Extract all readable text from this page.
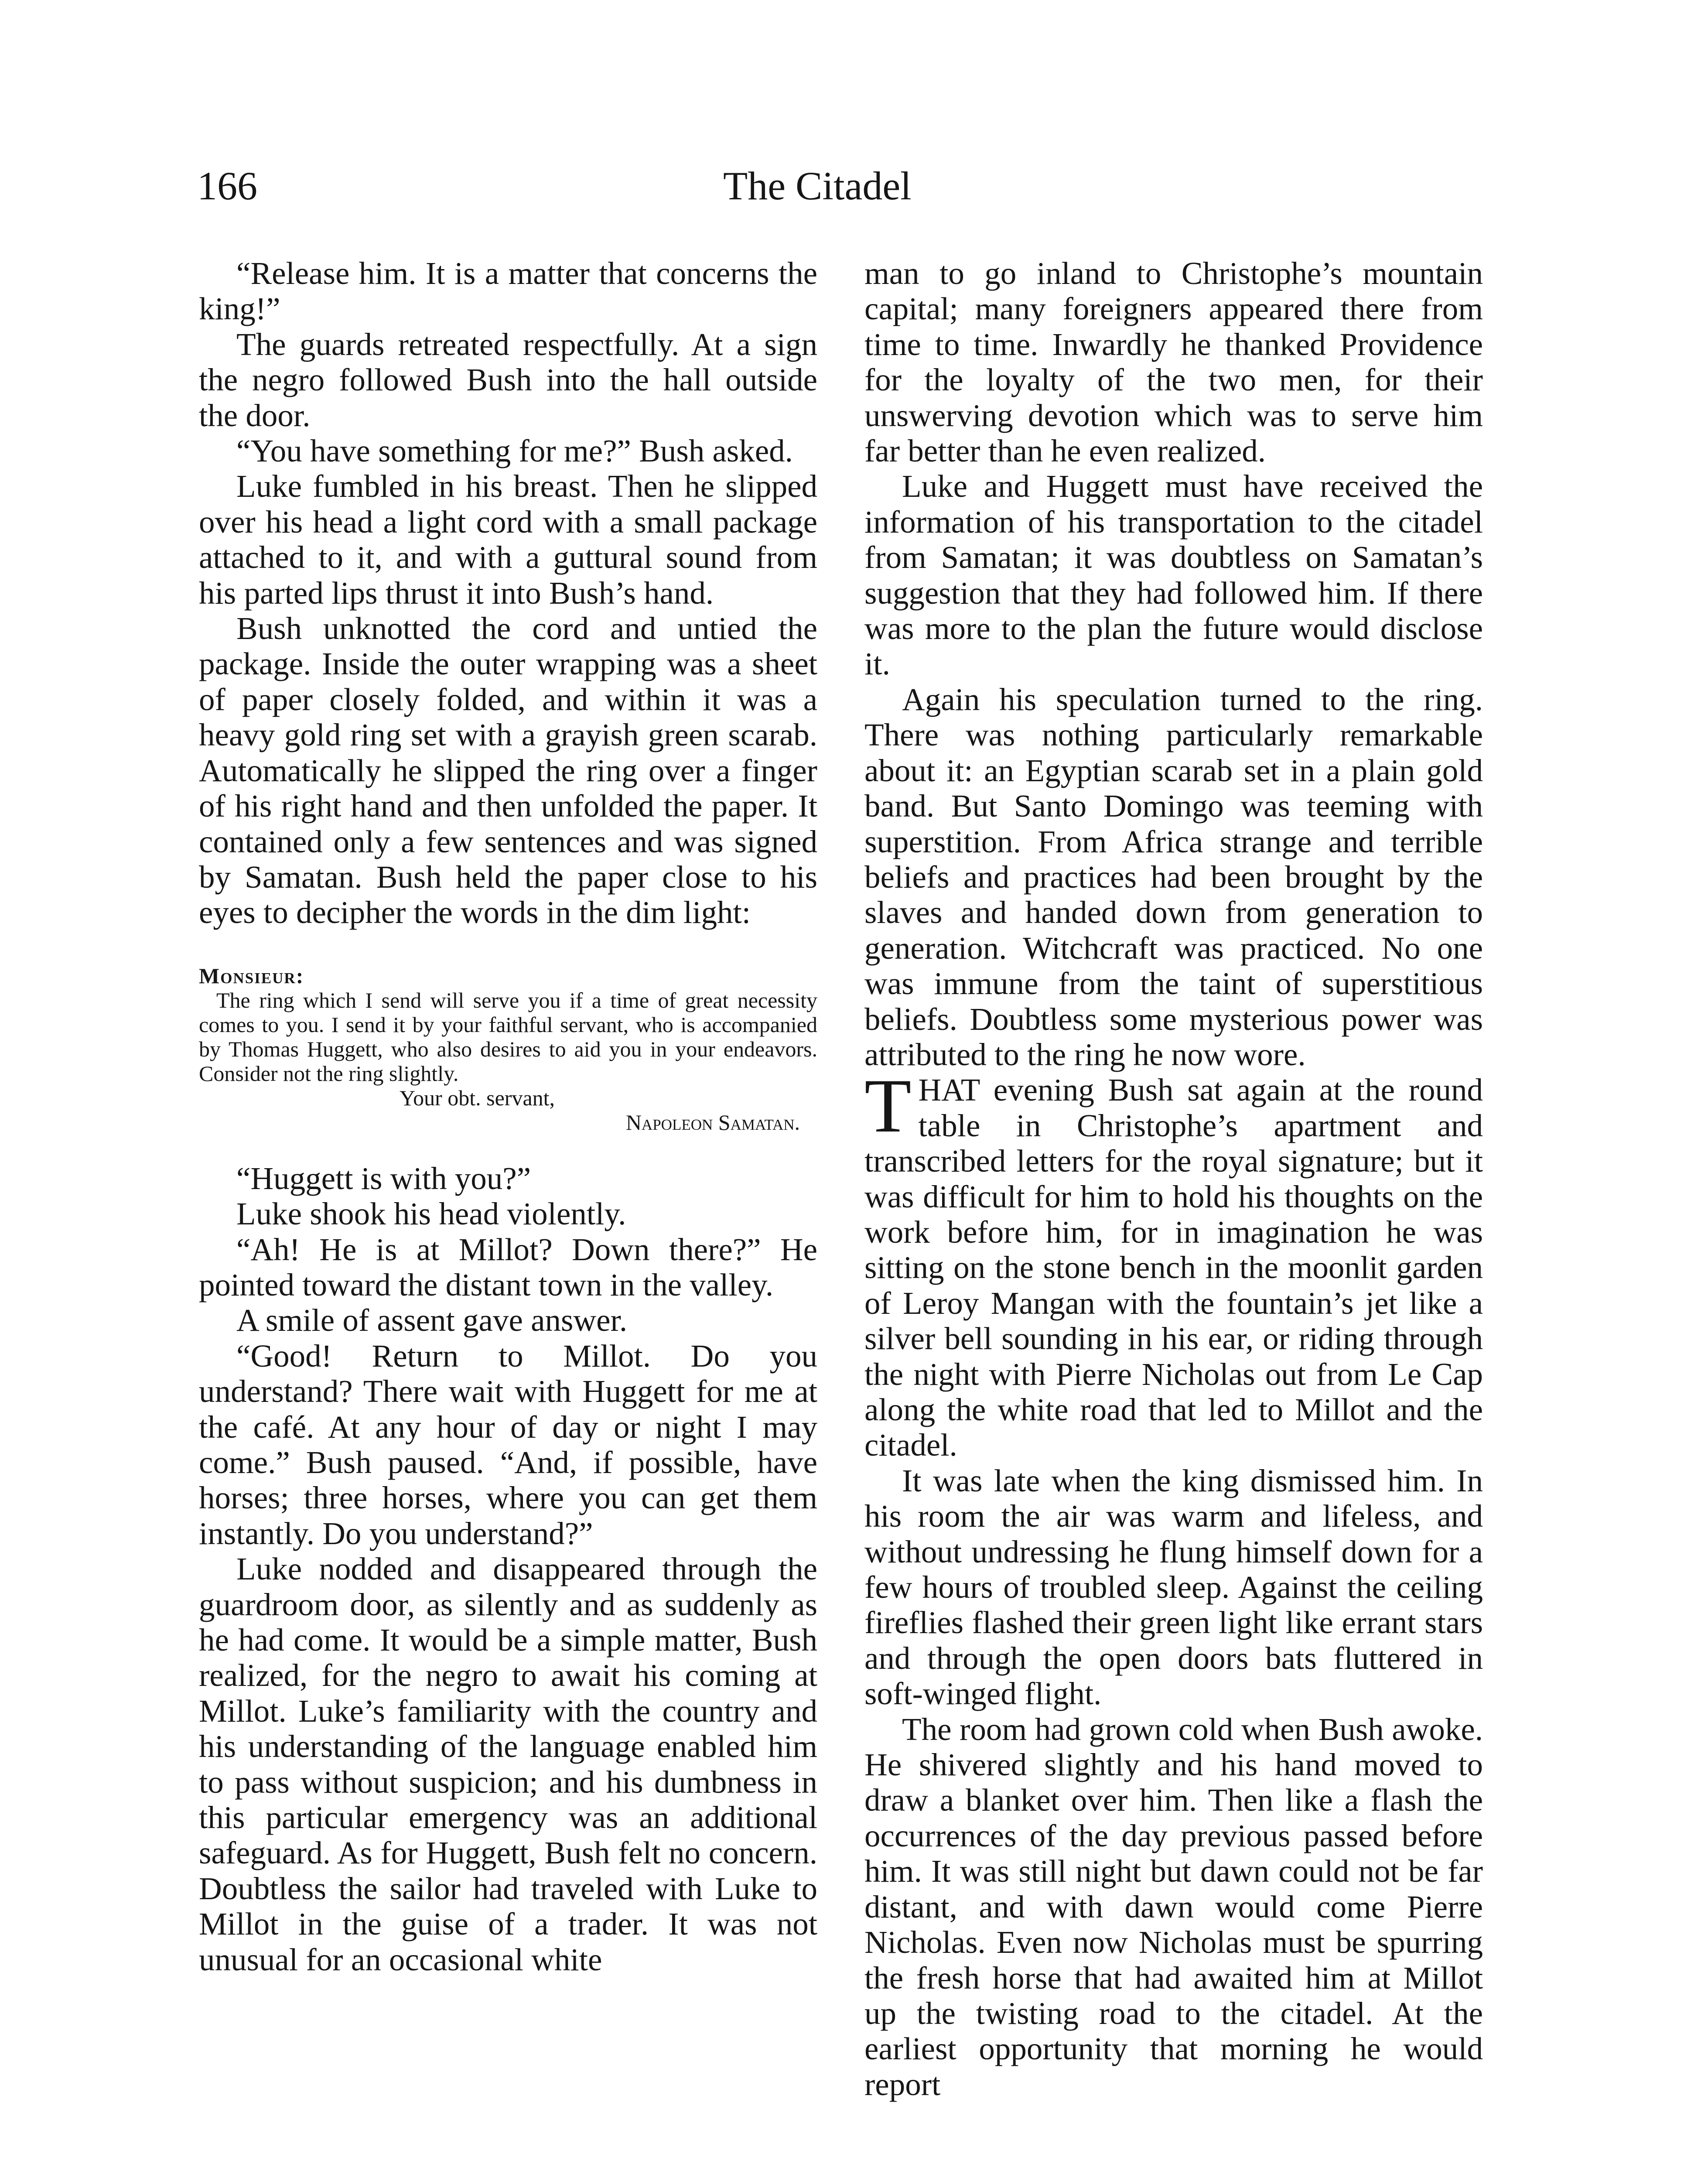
166	The Citadel

“Release him. It is a matter that concerns the king!”

The guards retreated respectfully. At a sign the negro followed Bush into the hall outside the door.

“You have something for me?” Bush asked.

Luke fumbled in his breast. Then he slipped over his head a light cord with a small package attached to it, and with a guttural sound from his parted lips thrust it into Bush’s hand.

Bush unknotted the cord and untied the package. Inside the outer wrapping was a sheet of paper closely folded, and within it was a heavy gold ring set with a grayish green scarab. Automatically he slipped the ring over a finger of his right hand and then unfolded the paper. It contained only a few sentences and was signed by Samatan. Bush held the paper close to his eyes to decipher the words in the dim light:

Monsieur:

The ring which I send will serve you if a time of great necessity comes to you. I send it by your faithful servant, who is accompanied by Thomas Huggett, who also desires to aid you in your endeavors. Consider not the ring slightly.

Your obt. servant,

Napoleon Samatan.

“Huggett is with you?”

Luke shook his head violently.

“Ah! He is at Millot? Down there?” He pointed toward the distant town in the valley.

A smile of assent gave answer.

“Good! Return to Millot. Do you understand? There wait with Huggett for me at the café. At any hour of day or night I may come.” Bush paused. “And, if possible, have horses; three horses, where you can get them instantly. Do you understand?”

Luke nodded and disappeared through the guardroom door, as silently and as suddenly as he had come. It would be a simple matter, Bush realized, for the negro to await his coming at Millot. Luke’s familiarity with the country and his understanding of the language enabled him to pass without suspicion; and his dumbness in this particular emergency was an additional safeguard. As for Huggett, Bush felt no concern. Doubtless the sailor had traveled with Luke to Millot in the guise of a trader. It was not unusual for an occasional white

man to go inland to Christophe’s mountain capital; many foreigners appeared there from time to time. Inwardly he thanked Providence for the loyalty of the two men, for their unswerving devotion which was to serve him far better than he even realized.

Luke and Huggett must have received the information of his transportation to the citadel from Samatan; it was doubtless on Samatan’s suggestion that they had followed him. If there was more to the plan the future would disclose it.

Again his speculation turned to the ring. There was nothing particularly remarkable about it: an Egyptian scarab set in a plain gold band. But Santo Domingo was teeming with superstition. From Africa strange and terrible beliefs and practices had been brought by the slaves and handed down from generation to generation. Witchcraft was practiced. No one was immune from the taint of superstitious beliefs. Doubtless some mysterious power was attributed to the ring he now wore.

THAT evening Bush sat again at the round table in Christophe’s apartment and transcribed letters for the royal signature; but it was difficult for him to hold his thoughts on the work before him, for in imagination he was sitting on the stone bench in the moonlit garden of Leroy Mangan with the fountain’s jet like a silver bell sounding in his ear, or riding through the night with Pierre Nicholas out from Le Cap along the white road that led to Millot and the citadel.

It was late when the king dismissed him. In his room the air was warm and lifeless, and without undressing he flung himself down for a few hours of troubled sleep. Against the ceiling fireflies flashed their green light like errant stars and through the open doors bats fluttered in soft-winged flight.

The room had grown cold when Bush awoke. He shivered slightly and his hand moved to draw a blanket over him. Then like a flash the occurrences of the day previous passed before him. It was still night but dawn could not be far distant, and with dawn would come Pierre Nicholas. Even now Nicholas must be spurring the fresh horse that had awaited him at Millot up the twisting road to the citadel. At the earliest opportunity that morning he would report
